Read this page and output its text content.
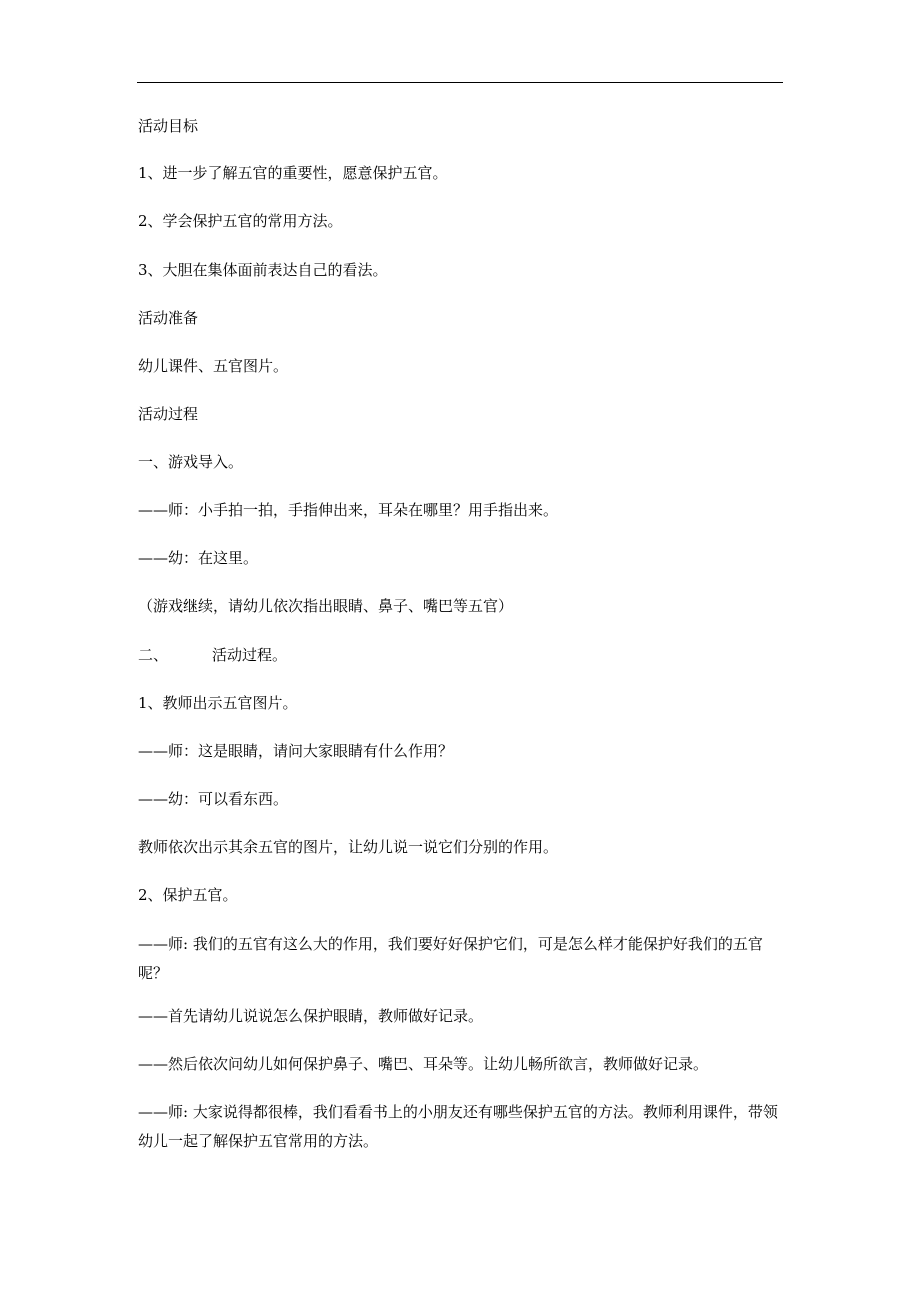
活动目标
1、进一步了解五官的重要性，愿意保护五官。
2、学会保护五官的常用方法。
3、大胆在集体面前表达自己的看法。
活动准备
幼儿课件、五官图片。
活动过程
一、游戏导入。
——师：小手拍一拍，手指伸出来，耳朵在哪里？用手指出来。
——幼：在这里。
（游戏继续，请幼儿依次指出眼睛、鼻子、嘴巴等五官）
二、	活动过程。
1、教师出示五官图片。
——师：这是眼睛，请问大家眼睛有什么作用？
——幼：可以看东西。
教师依次出示其余五官的图片，让幼儿说一说它们分别的作用。
2、保护五官。
——师: 我们的五官有这么大的作用，我们要好好保护它们，可是怎么样才能保护好我们的五官呢？
——首先请幼儿说说怎么保护眼睛，教师做好记录。
——然后依次问幼儿如何保护鼻子、嘴巴、耳朵等。让幼儿畅所欲言，教师做好记录。
——师: 大家说得都很棒，我们看看书上的小朋友还有哪些保护五官的方法。教师利用课件，带领幼儿一起了解保护五官常用的方法。
